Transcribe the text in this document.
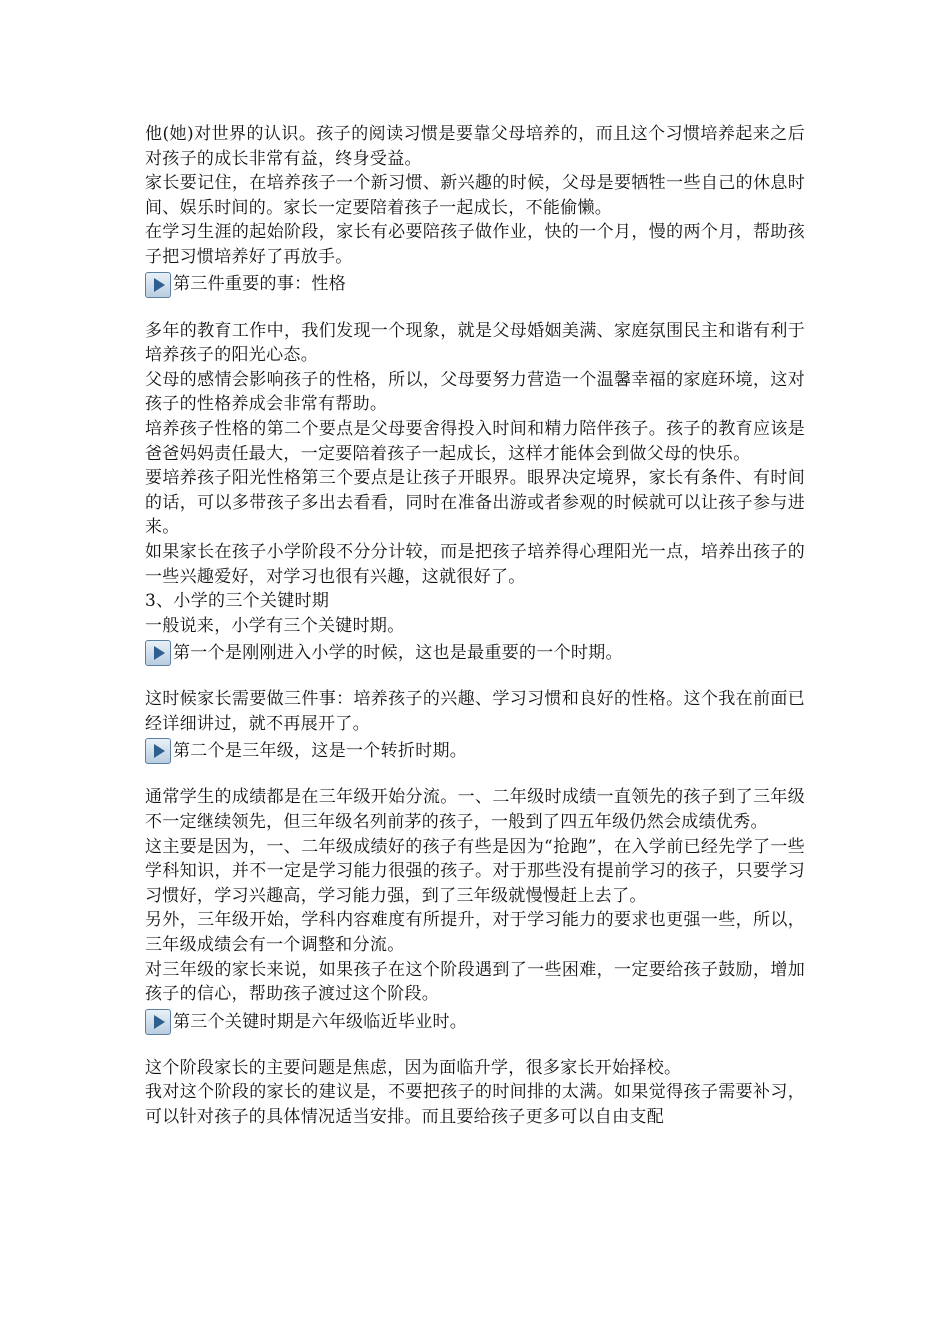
他(她)对世界的认识。孩子的阅读习惯是要靠父母培养的，而且这个习惯培养起来之后对孩子的成长非常有益，终身受益。

家长要记住，在培养孩子一个新习惯、新兴趣的时候，父母是要牺牲一些自己的休息时间、娱乐时间的。家长一定要陪着孩子一起成长，不能偷懒。

在学习生涯的起始阶段，家长有必要陪孩子做作业，快的一个月，慢的两个月，帮助孩子把习惯培养好了再放手。

第三件重要的事：性格

多年的教育工作中，我们发现一个现象，就是父母婚姻美满、家庭氛围民主和谐有利于培养孩子的阳光心态。

父母的感情会影响孩子的性格，所以，父母要努力营造一个温馨幸福的家庭环境，这对孩子的性格养成会非常有帮助。

培养孩子性格的第二个要点是父母要舍得投入时间和精力陪伴孩子。孩子的教育应该是爸爸妈妈责任最大，一定要陪着孩子一起成长，这样才能体会到做父母的快乐。

要培养孩子阳光性格第三个要点是让孩子开眼界。眼界决定境界，家长有条件、有时间的话，可以多带孩子多出去看看，同时在准备出游或者参观的时候就可以让孩子参与进来。

如果家长在孩子小学阶段不分分计较，而是把孩子培养得心理阳光一点，培养出孩子的一些兴趣爱好，对学习也很有兴趣，这就很好了。

3、小学的三个关键时期

一般说来，小学有三个关键时期。

第一个是刚刚进入小学的时候，这也是最重要的一个时期。

这时候家长需要做三件事：培养孩子的兴趣、学习习惯和良好的性格。这个我在前面已经详细讲过，就不再展开了。

第二个是三年级，这是一个转折时期。

通常学生的成绩都是在三年级开始分流。一、二年级时成绩一直领先的孩子到了三年级不一定继续领先，但三年级名列前茅的孩子，一般到了四五年级仍然会成绩优秀。

这主要是因为，一、二年级成绩好的孩子有些是因为“抢跑”，在入学前已经先学了一些学科知识，并不一定是学习能力很强的孩子。对于那些没有提前学习的孩子，只要学习习惯好，学习兴趣高，学习能力强，到了三年级就慢慢赶上去了。

另外，三年级开始，学科内容难度有所提升，对于学习能力的要求也更强一些，所以，三年级成绩会有一个调整和分流。

对三年级的家长来说，如果孩子在这个阶段遇到了一些困难，一定要给孩子鼓励，增加孩子的信心，帮助孩子渡过这个阶段。

第三个关键时期是六年级临近毕业时。

这个阶段家长的主要问题是焦虑，因为面临升学，很多家长开始择校。

我对这个阶段的家长的建议是，不要把孩子的时间排的太满。如果觉得孩子需要补习，可以针对孩子的具体情况适当安排。而且要给孩子更多可以自由支配
